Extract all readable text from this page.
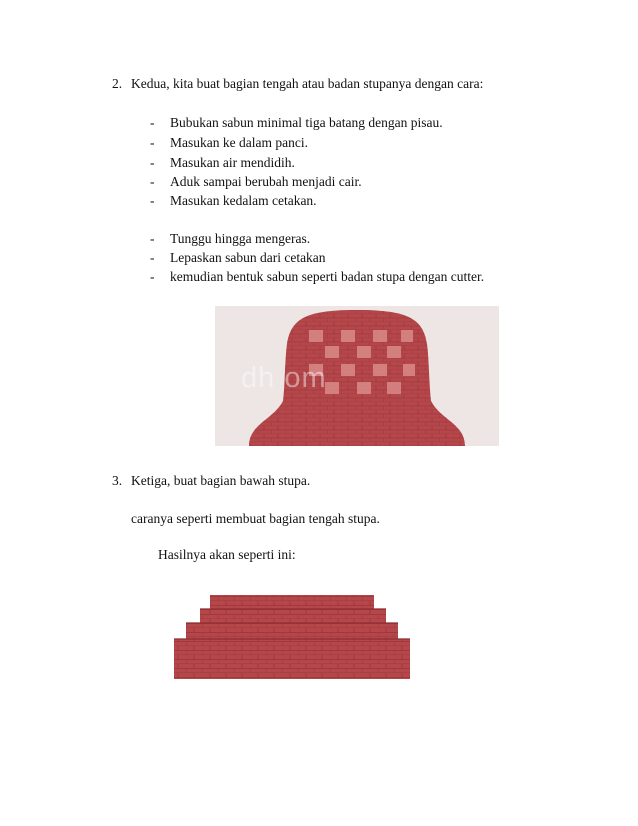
2. Kedua, kita buat bagian tengah atau badan stupanya dengan cara:
- Bubukan sabun minimal tiga batang dengan pisau.
- Masukan ke dalam panci.
- Masukan air mendidih.
- Aduk sampai berubah menjadi cair.
- Masukan kedalam cetakan.
- Tunggu hingga mengeras.
- Lepaskan sabun dari cetakan
- kemudian bentuk sabun seperti badan stupa dengan cutter.
dh om
3. Ketiga, buat bagian bawah stupa.
caranya seperti membuat bagian tengah stupa.
Hasilnya akan seperti ini:
